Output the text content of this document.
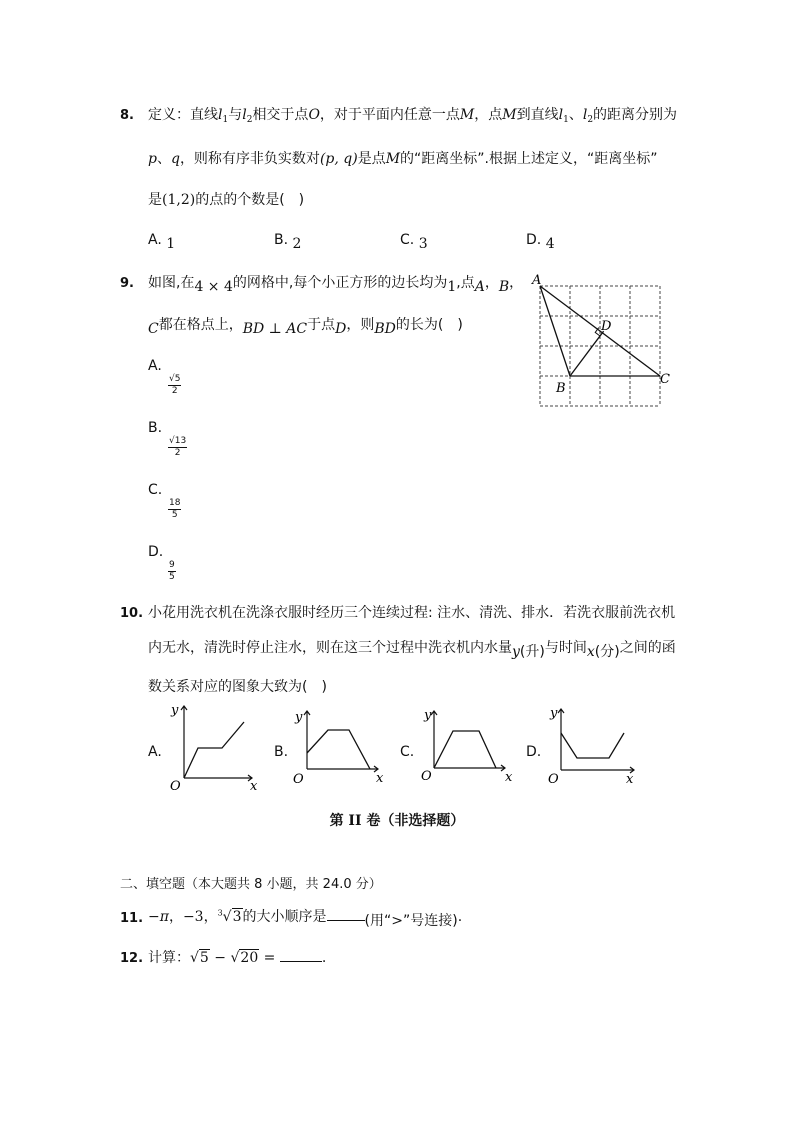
8. 定义：直线$l_1$与$l_2$相交于点O，对于平面内任意一点M，点M到直线$l_1$、$l_2$的距离分别为
p、q，则称有序非负实数对(p, q)是点M的“距离坐标”.根据上述定义，“距离坐标”
是(1,2)的点的个数是(　)
A. 1	B. 2	C. 3	D. 4
9. 如图,在4 × 4的网格中,每个小正方形的边长均为1,点A，B，
C都在格点上，BD ⊥ AC于点D，则BD的长为(　)
A.

$\frac{√5}{2}$
B.

$\frac{√13}{2}$
C.

$\frac{18}{5}$
D.

$\frac{9}{5}$
A
B
C
D
10. 小花用洗衣机在洗涤衣服时经历三个连续过程: 注水、清洗、排水．若洗衣服前洗衣机
内无水，清洗时停止注水，则在这三个过程中洗衣机内水量y(升)与时间x(分)之间的函
数关系对应的图象大致为(　)
A.
y
x
O
B.
y
x
O
C.
y
x
O
D.
y
x
O
第 II 卷（非选择题）
二、填空题（本大题共 8 小题，共 24.0 分）
11. −π，−3，$^3$√3的大小顺序是	(用“>”号连接).
12. 计算：√5 − √20 =	.
